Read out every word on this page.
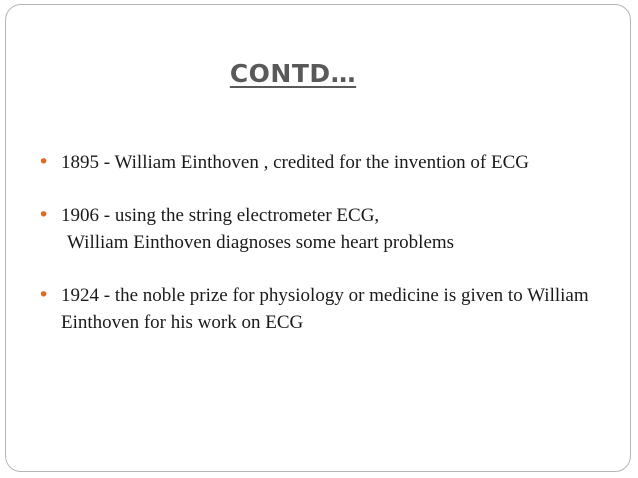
CONTD…
• 1895 - William Einthoven , credited for the invention of ECG
• 1906 - using the string electrometer ECG,
William Einthoven diagnoses some heart problems
• 1924 - the noble prize for physiology or medicine is given to William Einthoven for his work on ECG
